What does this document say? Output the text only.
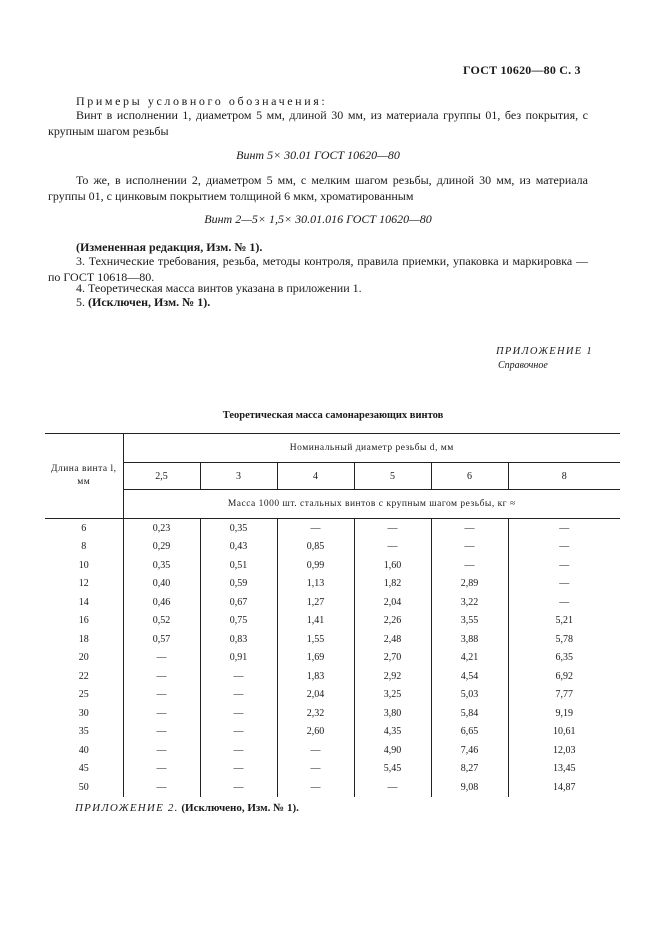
ГОСТ 10620—80 С. 3
Примеры условного обозначения:
Винт в исполнении 1, диаметром 5 мм, длиной 30 мм, из материала группы 01, без покрытия, с крупным шагом резьбы
Винт 5× 30.01 ГОСТ 10620—80
То же, в исполнении 2, диаметром 5 мм, с мелким шагом резьбы, длиной 30 мм, из материала группы 01, с цинковым покрытием толщиной 6 мкм, хроматированным
Винт 2—5× 1,5× 30.01.016 ГОСТ 10620—80
(Измененная редакция, Изм. № 1).
3. Технические требования, резьба, методы контроля, правила приемки, упаковка и маркировка — по ГОСТ 10618—80.
4. Теоретическая масса винтов указана в приложении 1.
5. (Исключен, Изм. № 1).
ПРИЛОЖЕНИЕ 1
Справочное
Теоретическая масса самонарезающих винтов
Длина винта l, мм	Номинальный диаметр резьбы d, мм					
	2,5	3	4	5	6	8
	Масса 1000 шт. стальных винтов с крупным шагом резьбы, кг ≈					
6	0,23	0,35	—	—	—	—
8	0,29	0,43	0,85	—	—	—
10	0,35	0,51	0,99	1,60	—	—
12	0,40	0,59	1,13	1,82	2,89	—
14	0,46	0,67	1,27	2,04	3,22	—
16	0,52	0,75	1,41	2,26	3,55	5,21
18	0,57	0,83	1,55	2,48	3,88	5,78
20	—	0,91	1,69	2,70	4,21	6,35
22	—	—	1,83	2,92	4,54	6,92
25	—	—	2,04	3,25	5,03	7,77
30	—	—	2,32	3,80	5,84	9,19
35	—	—	2,60	4,35	6,65	10,61
40	—	—	—	4,90	7,46	12,03
45	—	—	—	5,45	8,27	13,45
50	—	—	—	—	9,08	14,87
ПРИЛОЖЕНИЕ 2. (Исключено, Изм. № 1).
